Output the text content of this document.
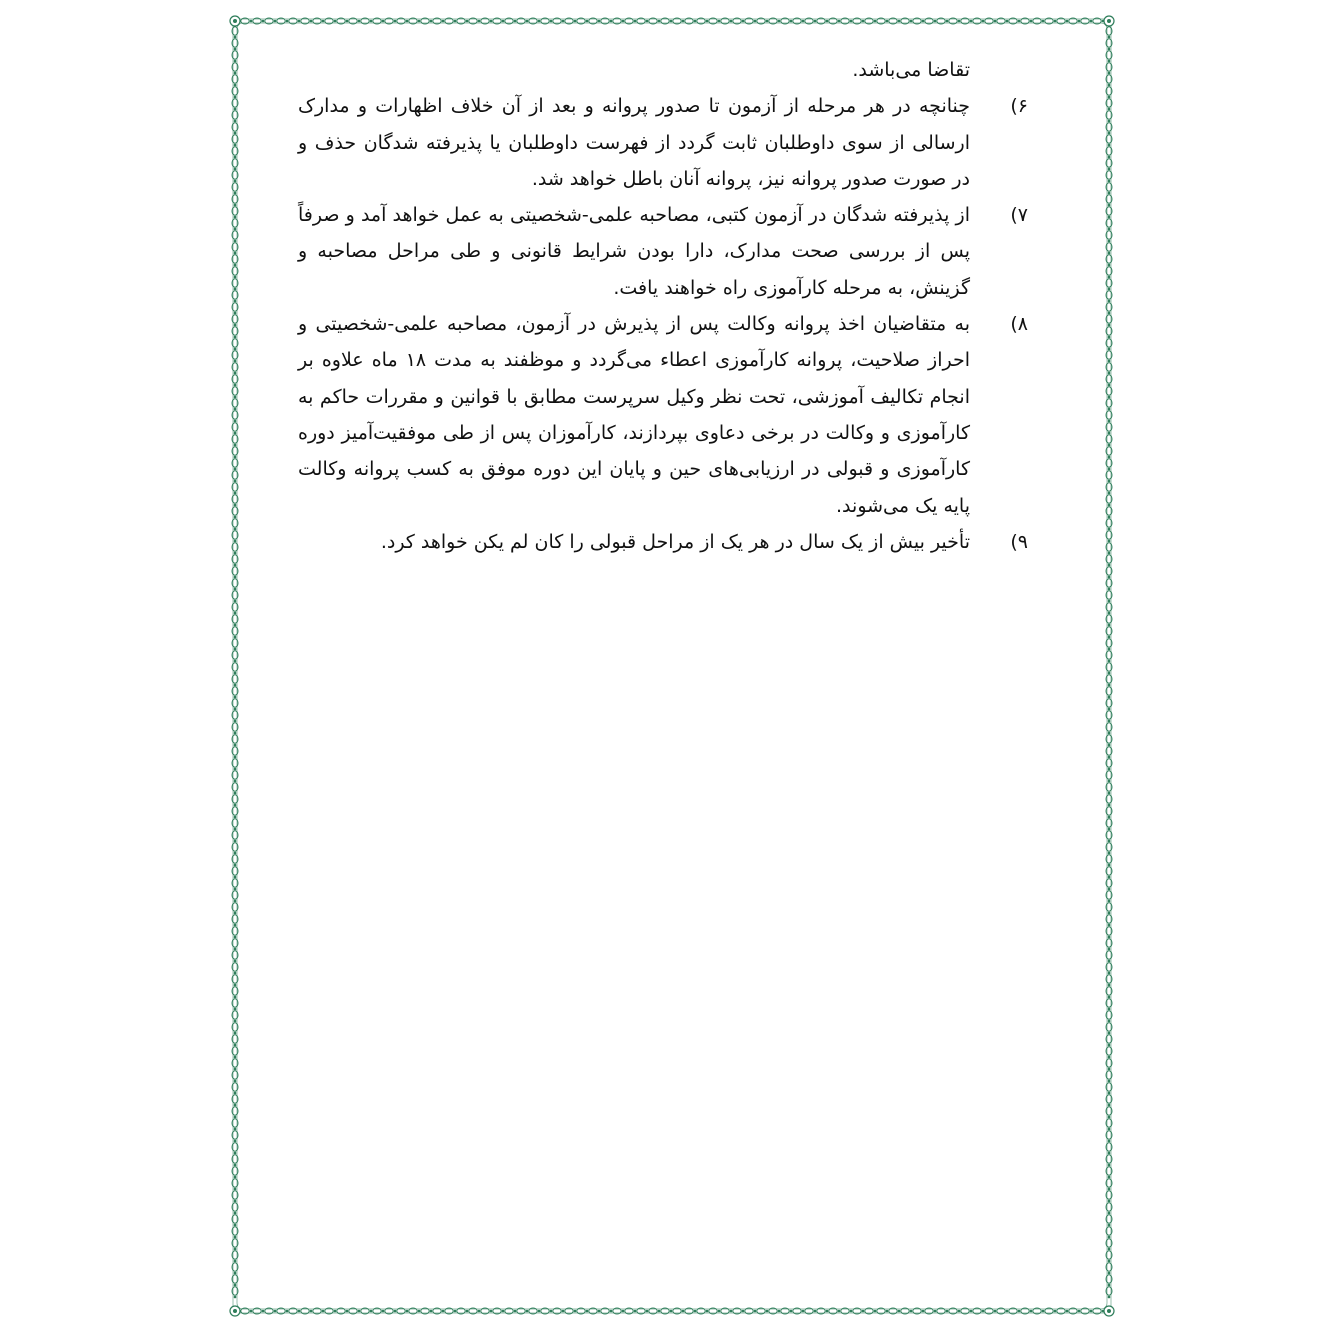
تقاضا می‌باشد.
۶)
چنانچه در هر مرحله از آزمون تا صدور پروانه و بعد از آن خلاف اظهارات و مدارک ارسالی از سوی داوطلبان ثابت گردد از فهرست داوطلبان یا پذیرفته شدگان حذف و در صورت صدور پروانه نیز، پروانه آنان باطل خواهد شد.
۷)
از پذیرفته شدگان در آزمون کتبی، مصاحبه علمی-شخصیتی به عمل خواهد آمد و صرفاً پس از بررسی صحت مدارک، دارا بودن شرایط قانونی و طی مراحل مصاحبه و گزینش، به مرحله کارآموزی راه خواهند یافت.
۸)
به متقاضیان اخذ پروانه وکالت پس از پذیرش در آزمون، مصاحبه علمی-شخصیتی و احراز صلاحیت، پروانه کارآموزی اعطاء می‌گردد و موظفند به مدت ۱۸ ماه علاوه بر انجام تکالیف آموزشی، تحت نظر وکیل سرپرست مطابق با قوانین و مقررات حاکم به کارآموزی و وکالت در برخی دعاوی بپردازند، کارآموزان پس از طی موفقیت‌آمیز دوره کارآموزی و قبولی در ارزیابی‌های حین و پایان این دوره موفق به کسب پروانه وکالت پایه یک می‌شوند.
۹)
تأخیر بیش از یک سال در هر یک از مراحل قبولی را کان لم یکن خواهد کرد.
